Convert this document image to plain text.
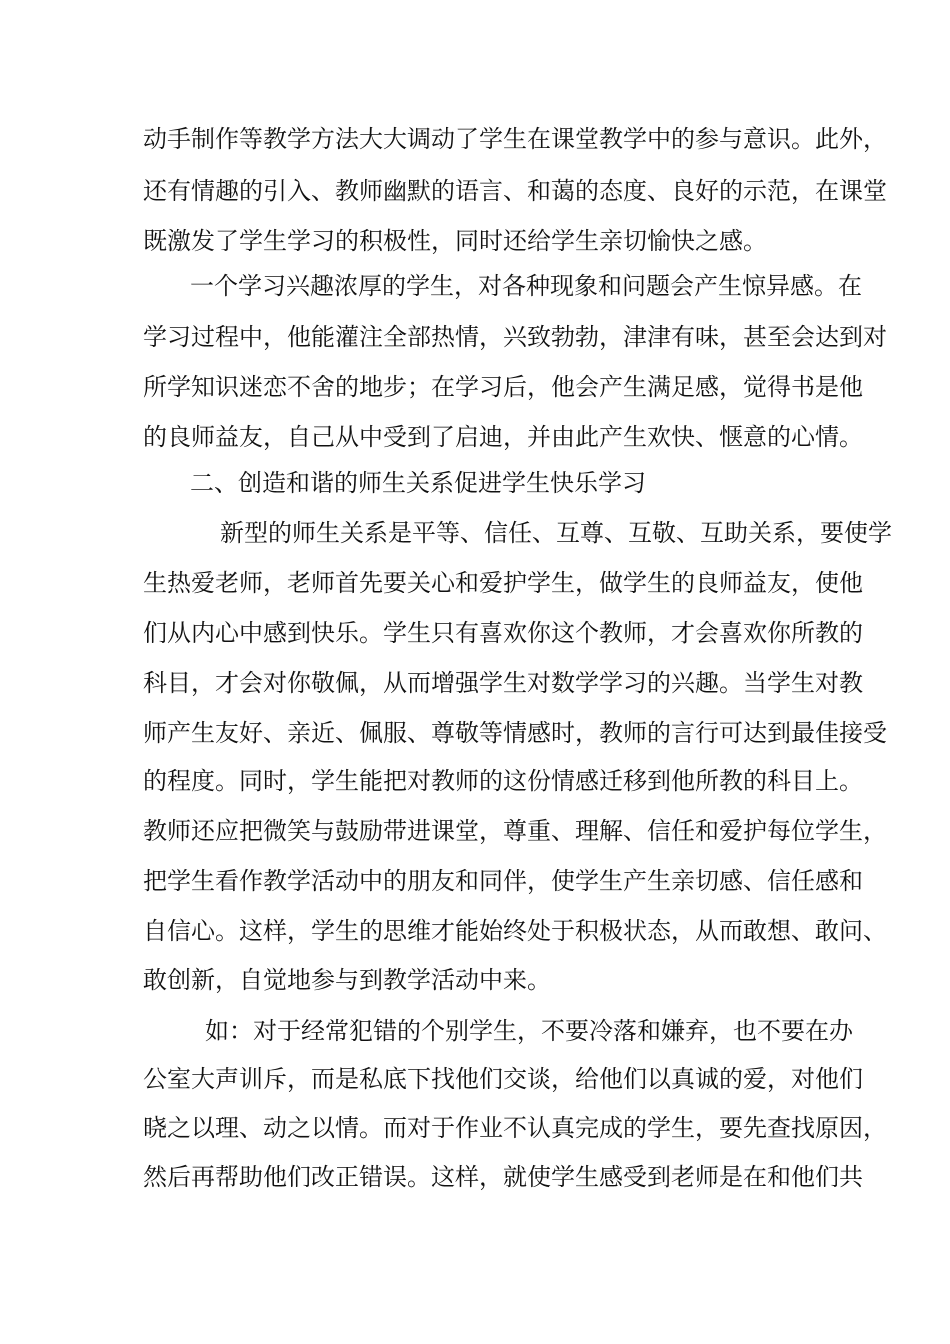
动手制作等教学方法大大调动了学生在课堂教学中的参与意识。此外，
还有情趣的引入、教师幽默的语言、和蔼的态度、良好的示范，在课堂
既激发了学生学习的积极性，同时还给学生亲切愉快之感。
一个学习兴趣浓厚的学生，对各种现象和问题会产生惊异感。在
学习过程中，他能灌注全部热情，兴致勃勃，津津有味，甚至会达到对
所学知识迷恋不舍的地步；在学习后，他会产生满足感，觉得书是他
的良师益友，自己从中受到了启迪，并由此产生欢快、惬意的心情。
二、创造和谐的师生关系促进学生快乐学习
新型的师生关系是平等、信任、互尊、互敬、互助关系，要使学
生热爱老师，老师首先要关心和爱护学生，做学生的良师益友，使他
们从内心中感到快乐。学生只有喜欢你这个教师，才会喜欢你所教的
科目，才会对你敬佩，从而增强学生对数学学习的兴趣。当学生对教
师产生友好、亲近、佩服、尊敬等情感时，教师的言行可达到最佳接受
的程度。同时，学生能把对教师的这份情感迁移到他所教的科目上。
教师还应把微笑与鼓励带进课堂，尊重、理解、信任和爱护每位学生，
把学生看作教学活动中的朋友和同伴，使学生产生亲切感、信任感和
自信心。这样，学生的思维才能始终处于积极状态，从而敢想、敢问、
敢创新，自觉地参与到教学活动中来。
如：对于经常犯错的个别学生，不要冷落和嫌弃，也不要在办
公室大声训斥，而是私底下找他们交谈，给他们以真诚的爱，对他们
晓之以理、动之以情。而对于作业不认真完成的学生，要先查找原因，
然后再帮助他们改正错误。这样，就使学生感受到老师是在和他们共
